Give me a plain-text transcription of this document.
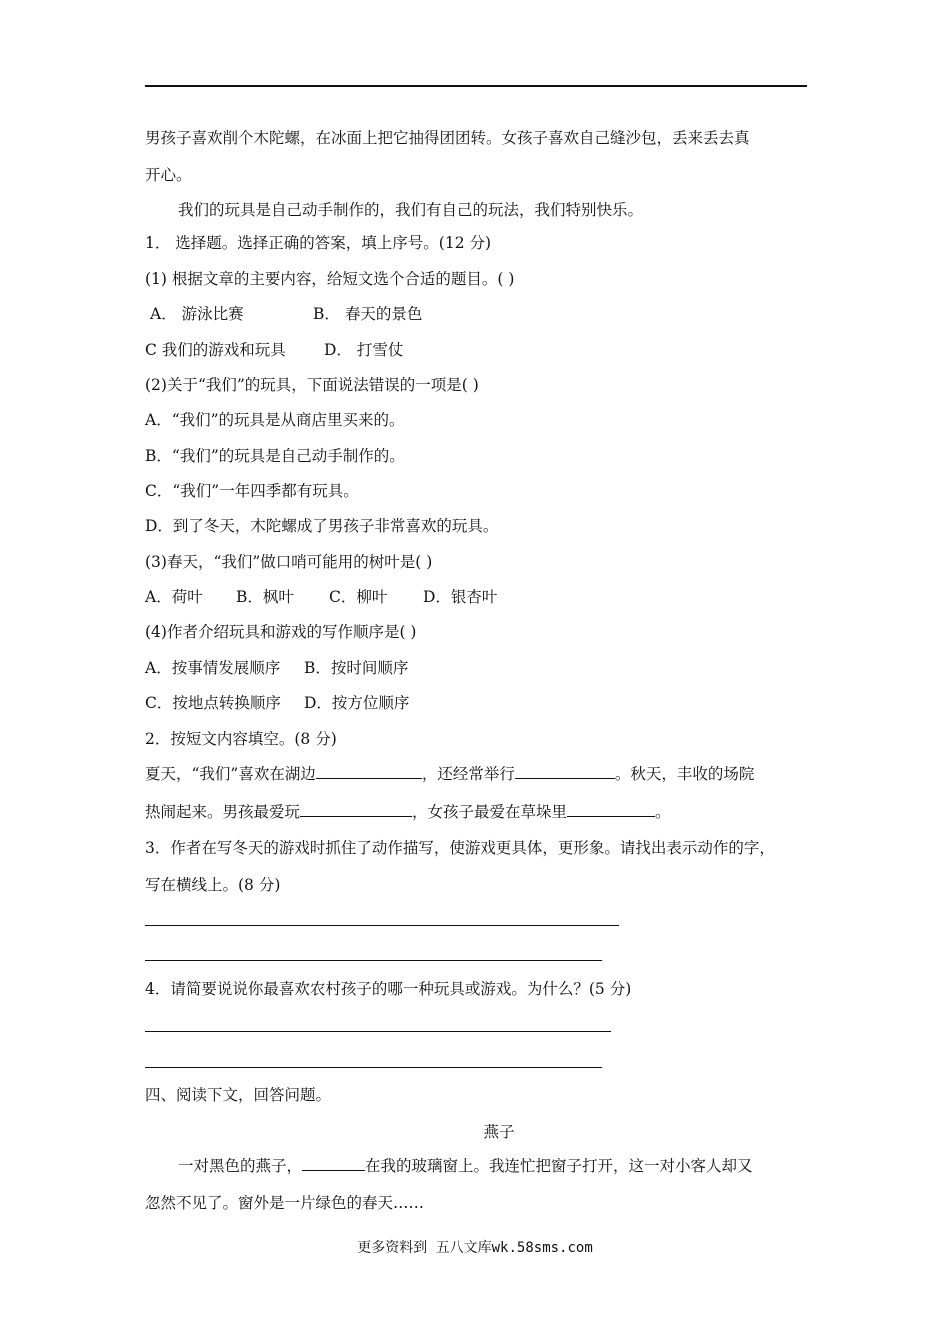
男孩子喜欢削个木陀螺，在冰面上把它抽得团团转。女孩子喜欢自己缝沙包，丢来丢去真
开心。
我们的玩具是自己动手制作的，我们有自己的玩法，我们特别快乐。
1． 选择题。选择正确的答案，填上序号。(12 分)
(1) 根据文章的主要内容，给短文选个合适的题目。( )
A． 游泳比赛	B． 春天的景色
C 我们的游戏和玩具 D． 打雪仗
(2)关于“我们”的玩具，下面说法错误的一项是( )
A．“我们”的玩具是从商店里买来的。
B．“我们”的玩具是自己动手制作的。
C．“我们”一年四季都有玩具。
D．到了冬天，木陀螺成了男孩子非常喜欢的玩具。
(3)春天，“我们”做口哨可能用的树叶是( )
A．荷叶 B．枫叶 C．柳叶 D．银杏叶
(4)作者介绍玩具和游戏的写作顺序是( )
A．按事情发展顺序 B．按时间顺序
C．按地点转换顺序 D．按方位顺序
2．按短文内容填空。(8 分)
夏天，“我们”喜欢在湖边	，还经常举行	。秋天，丰收的场院
热闹起来。男孩最爱玩	，女孩子最爱在草垛里	。
3．作者在写冬天的游戏时抓住了动作描写，使游戏更具体，更形象。请找出表示动作的字，
写在横线上。(8 分)
4．请简要说说你最喜欢农村孩子的哪一种玩具或游戏。为什么？(5 分)
四、阅读下文，回答问题。
燕子
一对黑色的燕子，	在我的玻璃窗上。我连忙把窗子打开，这一对小客人却又
忽然不见了。窗外是一片绿色的春天……
更多资料到 五八文库wk.58sms.com
